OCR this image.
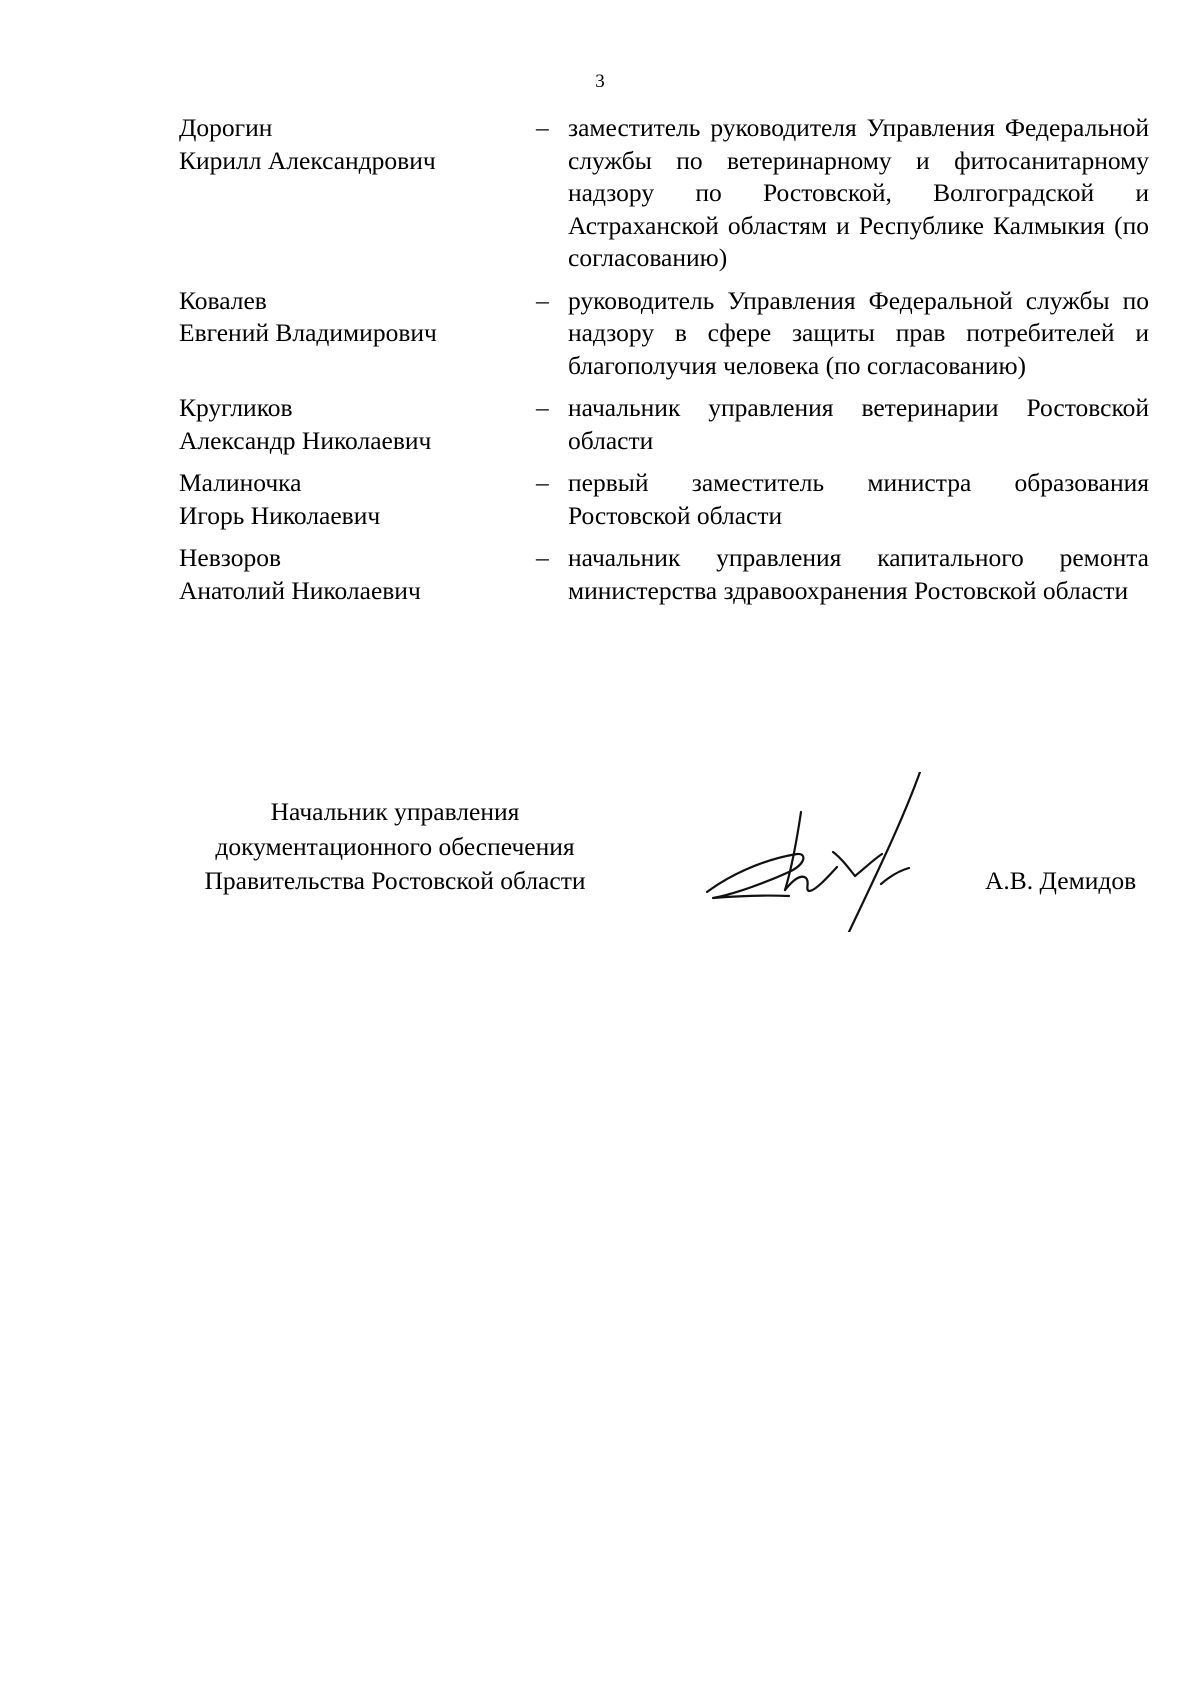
3
Дорогин
Кирилл Александрович
– заместитель руководителя Управления Федеральной службы по ветеринарному и фитосанитарному надзору по Ростовской, Волгоградской и Астраханской областям и Республике Калмыкия (по согласованию)
Ковалев
Евгений Владимирович
– руководитель Управления Федеральной службы по надзору в сфере защиты прав потребителей и благополучия человека (по согласованию)
Кругликов
Александр Николаевич
– начальник управления ветеринарии Ростовской области
Малиночка
Игорь Николаевич
– первый заместитель министра образования Ростовской области
Невзоров
Анатолий Николаевич
– начальник управления капитального ремонта министерства здравоохранения Ростовской области
Начальник управления
документационного обеспечения
Правительства Ростовской области	А.В. Демидов
